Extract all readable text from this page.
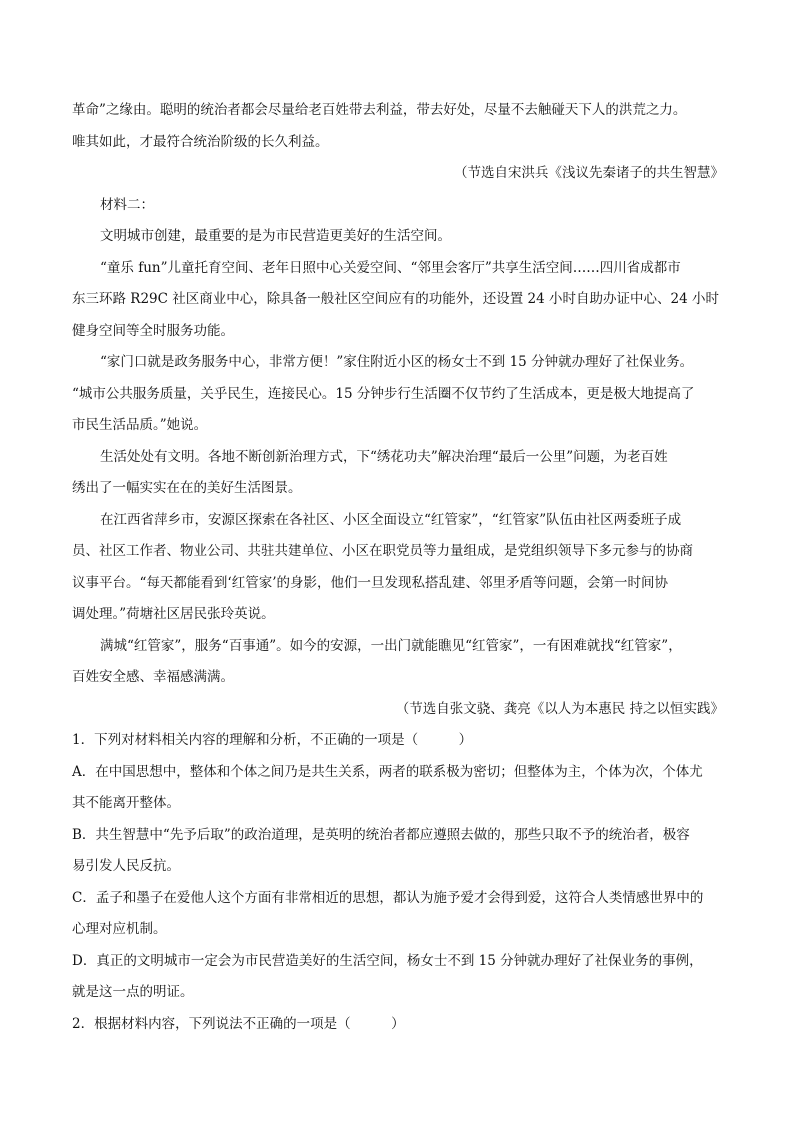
革命”之缘由。聪明的统治者都会尽量给老百姓带去利益，带去好处，尽量不去触碰天下人的洪荒之力。
唯其如此，才最符合统治阶级的长久利益。
（节选自宋洪兵《浅议先秦诸子的共生智慧》
材料二：
文明城市创建，最重要的是为市民营造更美好的生活空间。
“童乐 fun”儿童托育空间、老年日照中心关爱空间、“邻里会客厅”共享生活空间……四川省成都市
东三环路 R29C 社区商业中心，除具备一般社区空间应有的功能外，还设置 24 小时自助办证中心、24 小时
健身空间等全时服务功能。
“家门口就是政务服务中心，非常方便！”家住附近小区的杨女士不到 15 分钟就办理好了社保业务。
“城市公共服务质量，关乎民生，连接民心。15 分钟步行生活圈不仅节约了生活成本，更是极大地提高了
市民生活品质。”她说。
生活处处有文明。各地不断创新治理方式，下“绣花功夫”解决治理“最后一公里”问题，为老百姓
绣出了一幅实实在在的美好生活图景。
在江西省萍乡市，安源区探索在各社区、小区全面设立“红管家”，“红管家”队伍由社区两委班子成
员、社区工作者、物业公司、共驻共建单位、小区在职党员等力量组成，是党组织领导下多元参与的协商
议事平台。“每天都能看到‘红管家’的身影，他们一旦发现私搭乱建、邻里矛盾等问题，会第一时间协
调处理。”荷塘社区居民张玲英说。
满城“红管家”，服务“百事通”。如今的安源，一出门就能瞧见“红管家”，一有困难就找“红管家”，
百姓安全感、幸福感满满。
（节选自张文骁、龚亮《以人为本惠民 持之以恒实践》
1．下列对材料相关内容的理解和分析，不正确的一项是（　　　）
A．在中国思想中，整体和个体之间乃是共生关系，两者的联系极为密切；但整体为主，个体为次，个体尤
其不能离开整体。
B．共生智慧中“先予后取”的政治道理，是英明的统治者都应遵照去做的，那些只取不予的统治者，极容
易引发人民反抗。
C．孟子和墨子在爱他人这个方面有非常相近的思想，都认为施予爱才会得到爱，这符合人类情感世界中的
心理对应机制。
D．真正的文明城市一定会为市民营造美好的生活空间，杨女士不到 15 分钟就办理好了社保业务的事例，
就是这一点的明证。
2．根据材料内容，下列说法不正确的一项是（　　　）
